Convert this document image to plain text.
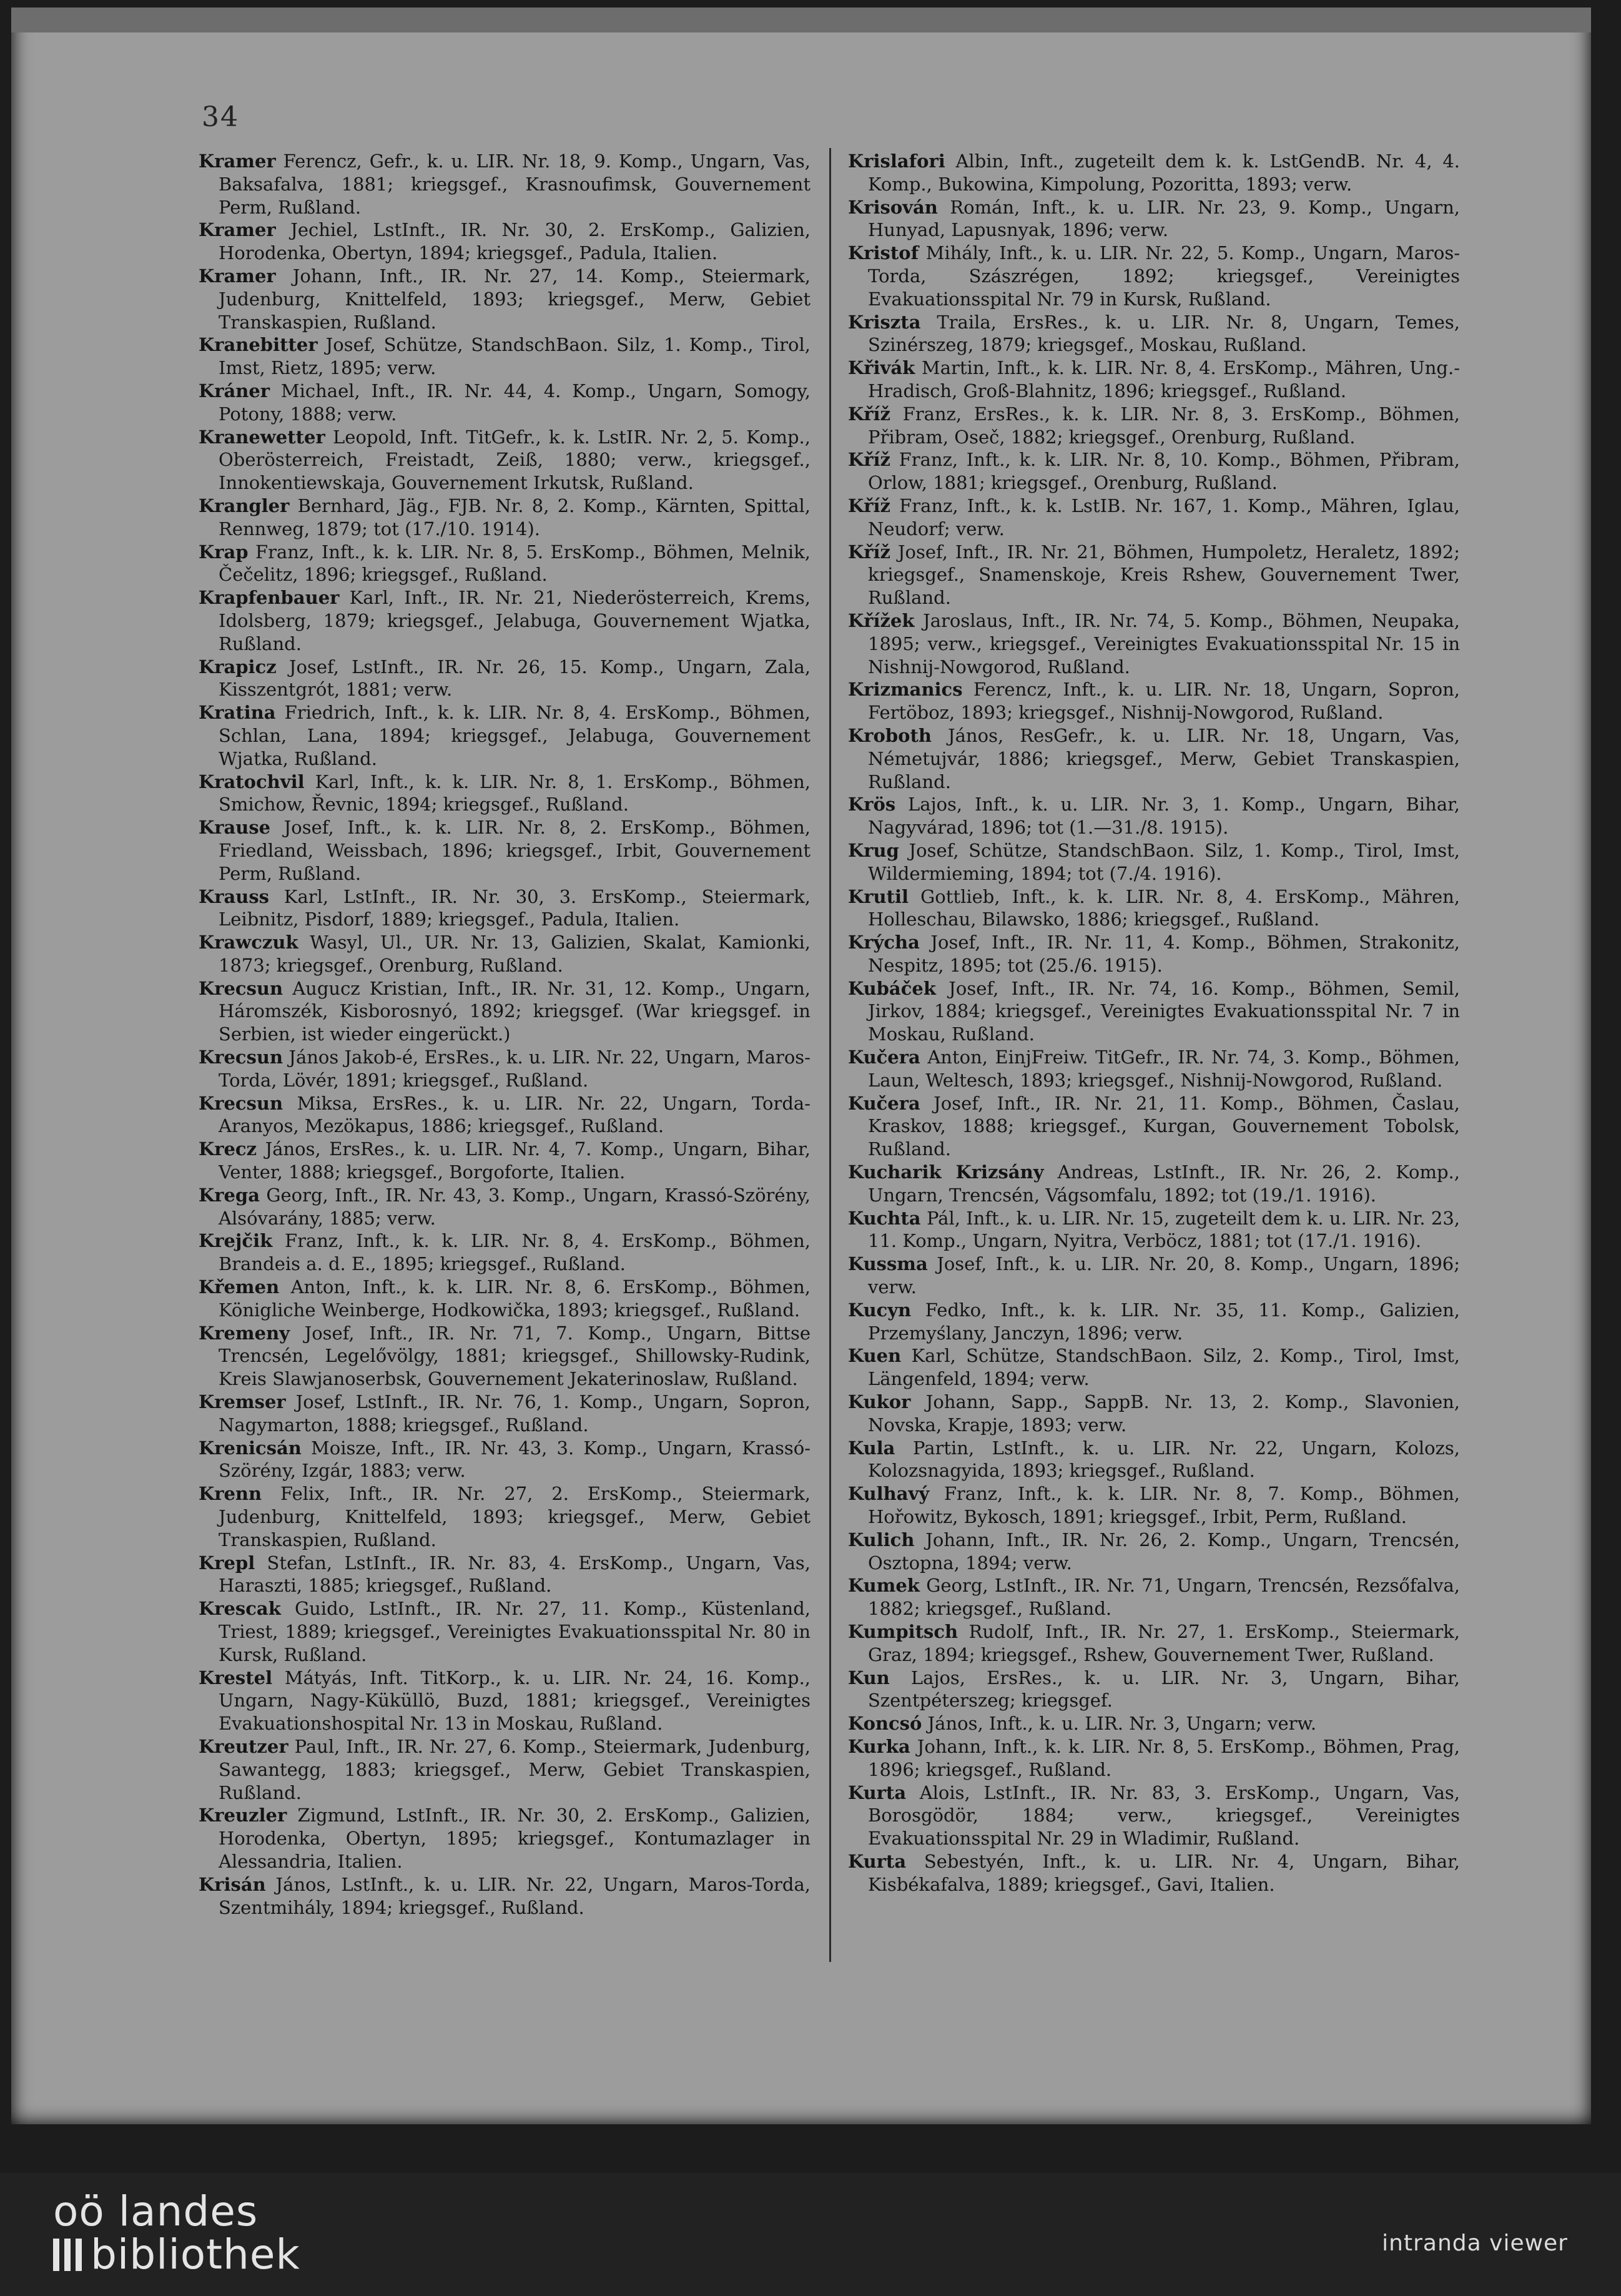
34

Kramer Ferencz, Gefr., k. u. LIR. Nr. 18, 9. Komp., Ungarn, Vas, Baksafalva, 1881; kriegsgef., Krasnoufimsk, Gouvernement Perm, Rußland.

Kramer Jechiel, LstInft., IR. Nr. 30, 2. ErsKomp., Galizien, Horodenka, Obertyn, 1894; kriegsgef., Padula, Italien.

Kramer Johann, Inft., IR. Nr. 27, 14. Komp., Steiermark, Judenburg, Knittelfeld, 1893; kriegsgef., Merw, Gebiet Transkaspien, Rußland.

Kranebitter Josef, Schütze, StandschBaon. Silz, 1. Komp., Tirol, Imst, Rietz, 1895; verw.

Kráner Michael, Inft., IR. Nr. 44, 4. Komp., Ungarn, Somogy, Potony, 1888; verw.

Kranewetter Leopold, Inft. TitGefr., k. k. LstIR. Nr. 2, 5. Komp., Oberösterreich, Freistadt, Zeiß, 1880; verw., kriegsgef., Innokentiewskaja, Gouvernement Irkutsk, Rußland.

Krangler Bernhard, Jäg., FJB. Nr. 8, 2. Komp., Kärnten, Spittal, Rennweg, 1879; tot (17./10. 1914).

Krap Franz, Inft., k. k. LIR. Nr. 8, 5. ErsKomp., Böhmen, Melnik, Čečelitz, 1896; kriegsgef., Rußland.

Krapfenbauer Karl, Inft., IR. Nr. 21, Niederösterreich, Krems, Idolsberg, 1879; kriegsgef., Jelabuga, Gouvernement Wjatka, Rußland.

Krapicz Josef, LstInft., IR. Nr. 26, 15. Komp., Ungarn, Zala, Kisszentgrót, 1881; verw.

Kratina Friedrich, Inft., k. k. LIR. Nr. 8, 4. ErsKomp., Böhmen, Schlan, Lana, 1894; kriegsgef., Jelabuga, Gouvernement Wjatka, Rußland.

Kratochvil Karl, Inft., k. k. LIR. Nr. 8, 1. ErsKomp., Böhmen, Smichow, Řevnic, 1894; kriegsgef., Rußland.

Krause Josef, Inft., k. k. LIR. Nr. 8, 2. ErsKomp., Böhmen, Friedland, Weissbach, 1896; kriegsgef., Irbit, Gouvernement Perm, Rußland.

Krauss Karl, LstInft., IR. Nr. 30, 3. ErsKomp., Steiermark, Leibnitz, Pisdorf, 1889; kriegsgef., Padula, Italien.

Krawczuk Wasyl, Ul., UR. Nr. 13, Galizien, Skalat, Kamionki, 1873; kriegsgef., Orenburg, Rußland.

Krecsun Augucz Kristian, Inft., IR. Nr. 31, 12. Komp., Ungarn, Háromszék, Kisborosnyó, 1892; kriegsgef. (War kriegsgef. in Serbien, ist wieder eingerückt.)

Krecsun János Jakob-é, ErsRes., k. u. LIR. Nr. 22, Ungarn, Maros-Torda, Lövér, 1891; kriegsgef., Rußland.

Krecsun Miksa, ErsRes., k. u. LIR. Nr. 22, Ungarn, Torda-Aranyos, Mezökapus, 1886; kriegsgef., Rußland.

Krecz János, ErsRes., k. u. LIR. Nr. 4, 7. Komp., Ungarn, Bihar, Venter, 1888; kriegsgef., Borgoforte, Italien.

Krega Georg, Inft., IR. Nr. 43, 3. Komp., Ungarn, Krassó-Szörény, Alsóvarány, 1885; verw.

Krejčik Franz, Inft., k. k. LIR. Nr. 8, 4. ErsKomp., Böhmen, Brandeis a. d. E., 1895; kriegsgef., Rußland.

Křemen Anton, Inft., k. k. LIR. Nr. 8, 6. ErsKomp., Böhmen, Königliche Weinberge, Hodkowička, 1893; kriegsgef., Rußland.

Kremeny Josef, Inft., IR. Nr. 71, 7. Komp., Ungarn, Bittse Trencsén, Legelővölgy, 1881; kriegsgef., Shillowsky-Rudink, Kreis Slawjanoserbsk, Gouvernement Jekaterinoslaw, Rußland.

Kremser Josef, LstInft., IR. Nr. 76, 1. Komp., Ungarn, Sopron, Nagymarton, 1888; kriegsgef., Rußland.

Krenicsán Moisze, Inft., IR. Nr. 43, 3. Komp., Ungarn, Krassó-Szörény, Izgár, 1883; verw.

Krenn Felix, Inft., IR. Nr. 27, 2. ErsKomp., Steiermark, Judenburg, Knittelfeld, 1893; kriegsgef., Merw, Gebiet Transkaspien, Rußland.

Krepl Stefan, LstInft., IR. Nr. 83, 4. ErsKomp., Ungarn, Vas, Haraszti, 1885; kriegsgef., Rußland.

Krescak Guido, LstInft., IR. Nr. 27, 11. Komp., Küstenland, Triest, 1889; kriegsgef., Vereinigtes Evakuationsspital Nr. 80 in Kursk, Rußland.

Krestel Mátyás, Inft. TitKorp., k. u. LIR. Nr. 24, 16. Komp., Ungarn, Nagy-Küküllö, Buzd, 1881; kriegsgef., Vereinigtes Evakuationshospital Nr. 13 in Moskau, Rußland.

Kreutzer Paul, Inft., IR. Nr. 27, 6. Komp., Steiermark, Judenburg, Sawantegg, 1883; kriegsgef., Merw, Gebiet Transkaspien, Rußland.

Kreuzler Zigmund, LstInft., IR. Nr. 30, 2. ErsKomp., Galizien, Horodenka, Obertyn, 1895; kriegsgef., Kontumazlager in Alessandria, Italien.

Krisán János, LstInft., k. u. LIR. Nr. 22, Ungarn, Maros-Torda, Szentmihály, 1894; kriegsgef., Rußland.

Krislafori Albin, Inft., zugeteilt dem k. k. LstGendB. Nr. 4, 4. Komp., Bukowina, Kimpolung, Pozoritta, 1893; verw.

Krisován Román, Inft., k. u. LIR. Nr. 23, 9. Komp., Ungarn, Hunyad, Lapusnyak, 1896; verw.

Kristof Mihály, Inft., k. u. LIR. Nr. 22, 5. Komp., Ungarn, Maros-Torda, Szászrégen, 1892; kriegsgef., Vereinigtes Evakuationsspital Nr. 79 in Kursk, Rußland.

Kriszta Traila, ErsRes., k. u. LIR. Nr. 8, Ungarn, Temes, Szinérszeg, 1879; kriegsgef., Moskau, Rußland.

Křivák Martin, Inft., k. k. LIR. Nr. 8, 4. ErsKomp., Mähren, Ung.-Hradisch, Groß-Blahnitz, 1896; kriegsgef., Rußland.

Kříž Franz, ErsRes., k. k. LIR. Nr. 8, 3. ErsKomp., Böhmen, Přibram, Oseč, 1882; kriegsgef., Orenburg, Rußland.

Kříž Franz, Inft., k. k. LIR. Nr. 8, 10. Komp., Böhmen, Přibram, Orlow, 1881; kriegsgef., Orenburg, Rußland.

Kříž Franz, Inft., k. k. LstIB. Nr. 167, 1. Komp., Mähren, Iglau, Neudorf; verw.

Kříž Josef, Inft., IR. Nr. 21, Böhmen, Humpoletz, Heraletz, 1892; kriegsgef., Snamenskoje, Kreis Rshew, Gouvernement Twer, Rußland.

Křížek Jaroslaus, Inft., IR. Nr. 74, 5. Komp., Böhmen, Neupaka, 1895; verw., kriegsgef., Vereinigtes Evakuationsspital Nr. 15 in Nishnij-Nowgorod, Rußland.

Krizmanics Ferencz, Inft., k. u. LIR. Nr. 18, Ungarn, Sopron, Fertöboz, 1893; kriegsgef., Nishnij-Nowgorod, Rußland.

Kroboth János, ResGefr., k. u. LIR. Nr. 18, Ungarn, Vas, Németujvár, 1886; kriegsgef., Merw, Gebiet Transkaspien, Rußland.

Krös Lajos, Inft., k. u. LIR. Nr. 3, 1. Komp., Ungarn, Bihar, Nagyvárad, 1896; tot (1.—31./8. 1915).

Krug Josef, Schütze, StandschBaon. Silz, 1. Komp., Tirol, Imst, Wildermieming, 1894; tot (7./4. 1916).

Krutil Gottlieb, Inft., k. k. LIR. Nr. 8, 4. ErsKomp., Mähren, Holleschau, Bilawsko, 1886; kriegsgef., Rußland.

Krýcha Josef, Inft., IR. Nr. 11, 4. Komp., Böhmen, Strakonitz, Nespitz, 1895; tot (25./6. 1915).

Kubáček Josef, Inft., IR. Nr. 74, 16. Komp., Böhmen, Semil, Jirkov, 1884; kriegsgef., Vereinigtes Evakuationsspital Nr. 7 in Moskau, Rußland.

Kučera Anton, EinjFreiw. TitGefr., IR. Nr. 74, 3. Komp., Böhmen, Laun, Weltesch, 1893; kriegsgef., Nishnij-Nowgorod, Rußland.

Kučera Josef, Inft., IR. Nr. 21, 11. Komp., Böhmen, Časlau, Kraskov, 1888; kriegsgef., Kurgan, Gouvernement Tobolsk, Rußland.

Kucharik Krizsány Andreas, LstInft., IR. Nr. 26, 2. Komp., Ungarn, Trencsén, Vágsomfalu, 1892; tot (19./1. 1916).

Kuchta Pál, Inft., k. u. LIR. Nr. 15, zugeteilt dem k. u. LIR. Nr. 23, 11. Komp., Ungarn, Nyitra, Verböcz, 1881; tot (17./1. 1916).

Kussma Josef, Inft., k. u. LIR. Nr. 20, 8. Komp., Ungarn, 1896; verw.

Kucyn Fedko, Inft., k. k. LIR. Nr. 35, 11. Komp., Galizien, Przemyślany, Janczyn, 1896; verw.

Kuen Karl, Schütze, StandschBaon. Silz, 2. Komp., Tirol, Imst, Längenfeld, 1894; verw.

Kukor Johann, Sapp., SappB. Nr. 13, 2. Komp., Slavonien, Novska, Krapje, 1893; verw.

Kula Partin, LstInft., k. u. LIR. Nr. 22, Ungarn, Kolozs, Kolozsnagyida, 1893; kriegsgef., Rußland.

Kulhavý Franz, Inft., k. k. LIR. Nr. 8, 7. Komp., Böhmen, Hořowitz, Bykosch, 1891; kriegsgef., Irbit, Perm, Rußland.

Kulich Johann, Inft., IR. Nr. 26, 2. Komp., Ungarn, Trencsén, Osztopna, 1894; verw.

Kumek Georg, LstInft., IR. Nr. 71, Ungarn, Trencsén, Rezsőfalva, 1882; kriegsgef., Rußland.

Kumpitsch Rudolf, Inft., IR. Nr. 27, 1. ErsKomp., Steiermark, Graz, 1894; kriegsgef., Rshew, Gouvernement Twer, Rußland.

Kun Lajos, ErsRes., k. u. LIR. Nr. 3, Ungarn, Bihar, Szentpéterszeg; kriegsgef.

Koncsó János, Inft., k. u. LIR. Nr. 3, Ungarn; verw.

Kurka Johann, Inft., k. k. LIR. Nr. 8, 5. ErsKomp., Böhmen, Prag, 1896; kriegsgef., Rußland.

Kurta Alois, LstInft., IR. Nr. 83, 3. ErsKomp., Ungarn, Vas, Borosgödör, 1884; verw., kriegsgef., Vereinigtes Evakuationsspital Nr. 29 in Wladimir, Rußland.

Kurta Sebestyén, Inft., k. u. LIR. Nr. 4, Ungarn, Bihar, Kisbékafalva, 1889; kriegsgef., Gavi, Italien.

oö landes
bibliothek	intranda viewer
